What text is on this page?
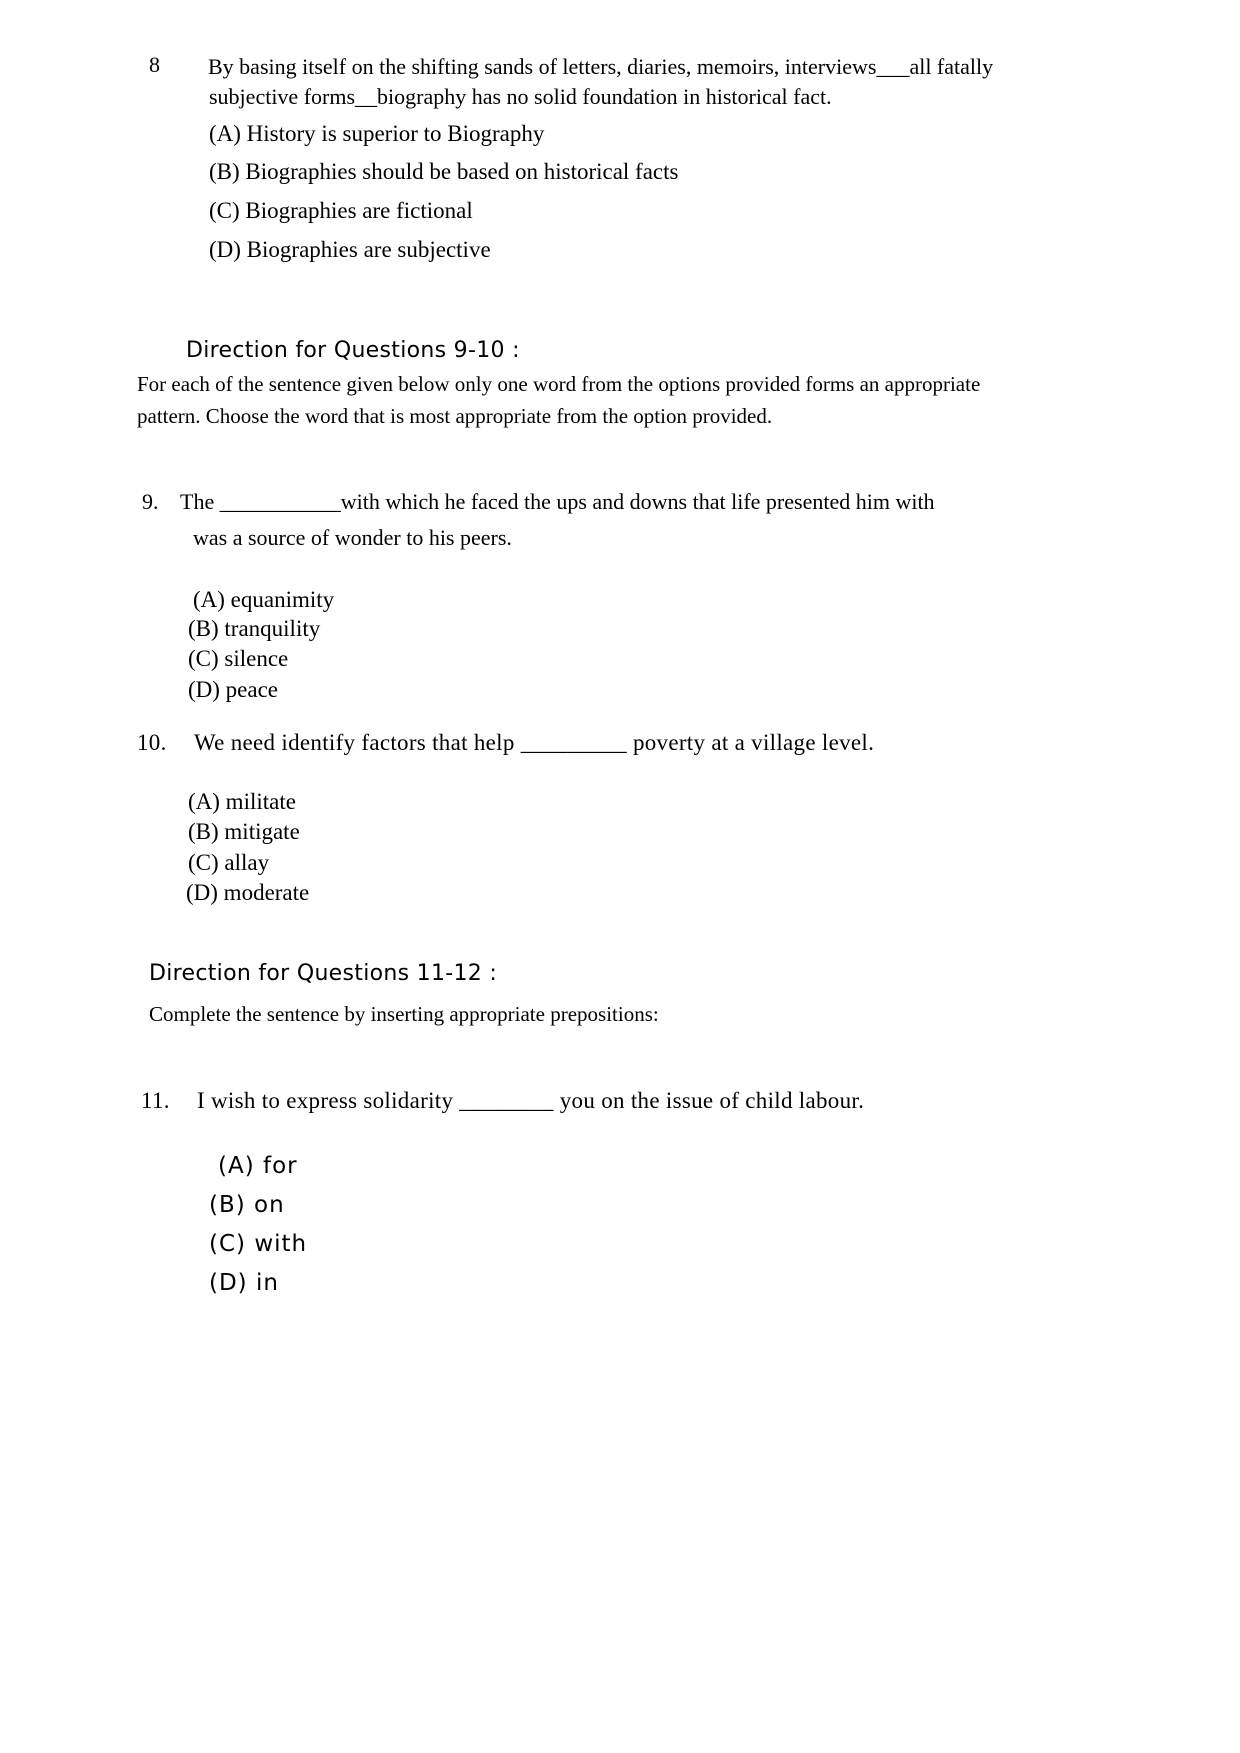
8 By basing itself on the shifting sands of letters, diaries, memoirs, interviews___all fatally
subjective forms__biography has no solid foundation in historical fact.
(A) History is superior to Biography
(B) Biographies should be based on historical facts
(C) Biographies are fictional
(D) Biographies are subjective
Direction for Questions 9-10 :
For each of the sentence given below only one word from the options provided forms an appropriate
pattern. Choose the word that is most appropriate from the option provided.
9. The ___________with which he faced the ups and downs that life presented him with
was a source of wonder to his peers.
(A) equanimity
(B) tranquility
(C) silence
(D) peace
10. We need identify factors that help _________ poverty at a village level.
(A) militate
(B) mitigate
(C) allay
(D) moderate
Direction for Questions 11-12 :
Complete the sentence by inserting appropriate prepositions:
11. I wish to express solidarity ________ you on the issue of child labour.
(A) for
(B) on
(C) with
(D) in
